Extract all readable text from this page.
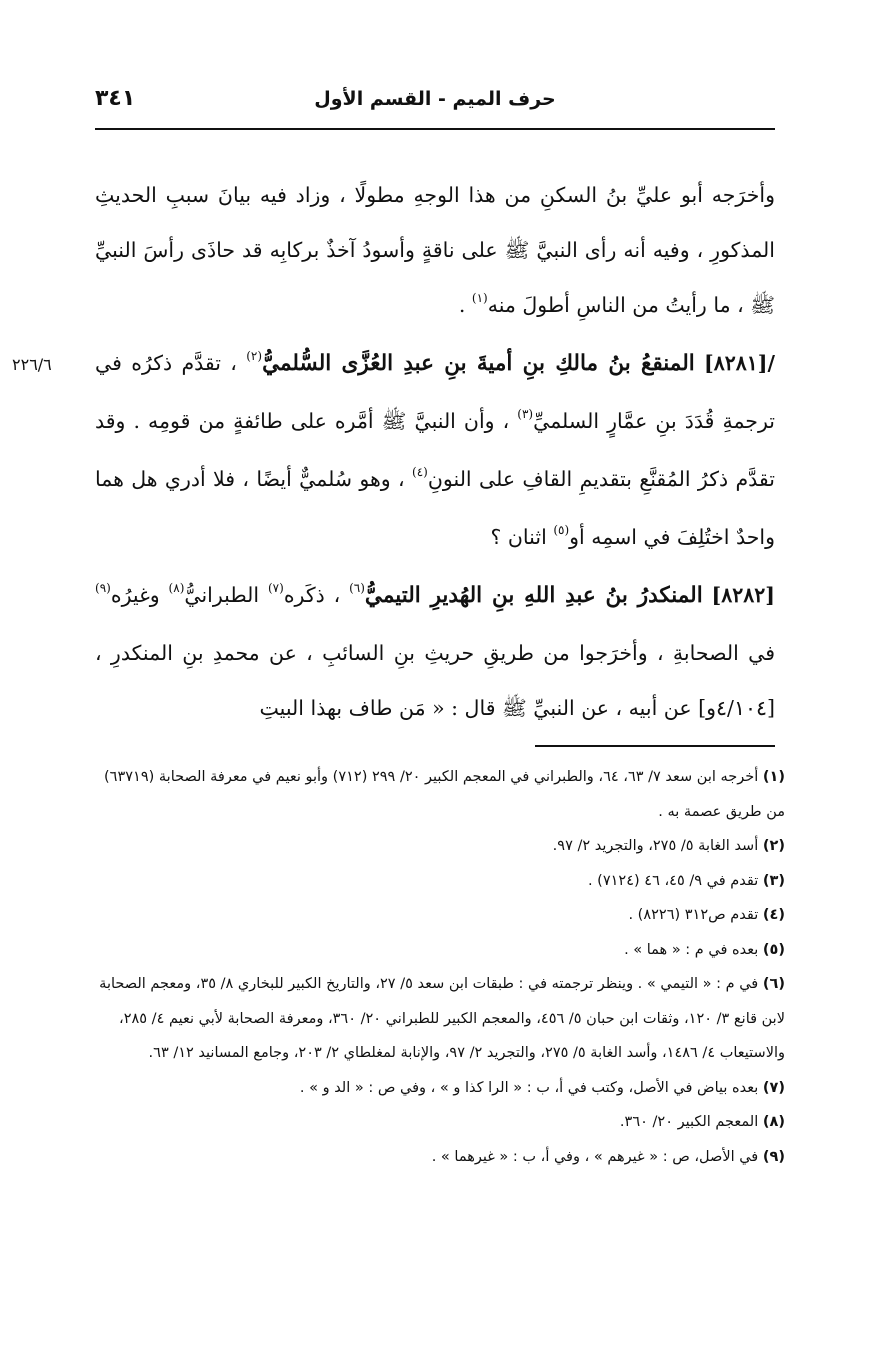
حرف الميم - القسم الأول
٣٤١
٢٢٦/٦

وأخرَجه أبو عليِّ بنُ السكنِ من هذا الوجهِ مطولًا ، وزاد فيه بيانَ سببِ الحديثِ المذكورِ ، وفيه أنه رأى النبيَّ ﷺ على ناقةٍ وأسودُ آخذٌ بركابِه قد حاذَى رأسَ النبيِّ ﷺ ، ما رأيتُ من الناسِ أطولَ منه$^{(١)}$ .

/[٨٢٨١] المنقعُ بنُ مالكِ بنِ أميةَ بنِ عبدِ العُزَّى السُّلميُّ$^{(٢)}$ ، تقدَّم ذكرُه في ترجمةِ قُدَدَ بنِ عمَّارٍ السلميِّ$^{(٣)}$ ، وأن النبيَّ ﷺ أمَّره على طائفةٍ من قومِه . وقد تقدَّم ذكرُ المُقنَّعِ بتقديمِ القافِ على النونِ$^{(٤)}$ ، وهو سُلميٌّ أيضًا ، فلا أدري هل هما واحدٌ اختُلِفَ في اسمِه أو$^{(٥)}$ اثنان ؟

[٨٢٨٢] المنكدرُ بنُ عبدِ اللهِ بنِ الهُديرِ التيميُّ$^{(٦)}$ ، ذكَره$^{(٧)}$ الطبرانيُّ$^{(٨)}$ وغيرُه$^{(٩)}$ في الصحابةِ ، وأخرَجوا من طريقِ حريثِ بنِ السائبِ ، عن محمدِ بنِ المنكدرِ ، [٤/١٠٤و] عن أبيه ، عن النبيِّ ﷺ قال : « مَن طاف بهذا البيتِ

(١) أخرجه ابن سعد ٧/ ٦٣، ٦٤، والطبراني في المعجم الكبير ٢٠/ ٢٩٩ (٧١٢) وأبو نعيم في معرفة الصحابة (٦٣٧١٩) من طريق عصمة به .

(٢) أسد الغابة ٥/ ٢٧٥، والتجريد ٢/ ٩٧.

(٣) تقدم في ٩/ ٤٥، ٤٦ (٧١٢٤) .

(٤) تقدم ص٣١٢ (٨٢٢٦) .

(٥) بعده في م : « هما » .

(٦) في م : « التيمي » . وينظر ترجمته في : طبقات ابن سعد ٥/ ٢٧، والتاريخ الكبير للبخاري ٨/ ٣٥، ومعجم الصحابة لابن قانع ٣/ ١٢٠، وثقات ابن حبان ٥/ ٤٥٦، والمعجم الكبير للطبراني ٢٠/ ٣٦٠، ومعرفة الصحابة لأبي نعيم ٤/ ٢٨٥، والاستيعاب ٤/ ١٤٨٦، وأسد الغابة ٥/ ٢٧٥، والتجريد ٢/ ٩٧، والإنابة لمغلطاي ٢/ ٢٠٣، وجامع المسانيد ١٢/ ٦٣.

(٧) بعده بياض في الأصل، وكتب في أ، ب : « الرا كذا و » ، وفي ص : « الد و » .

(٨) المعجم الكبير ٢٠/ ٣٦٠.

(٩) في الأصل، ص : « غيرهم » ، وفي أ، ب : « غيرهما » .
